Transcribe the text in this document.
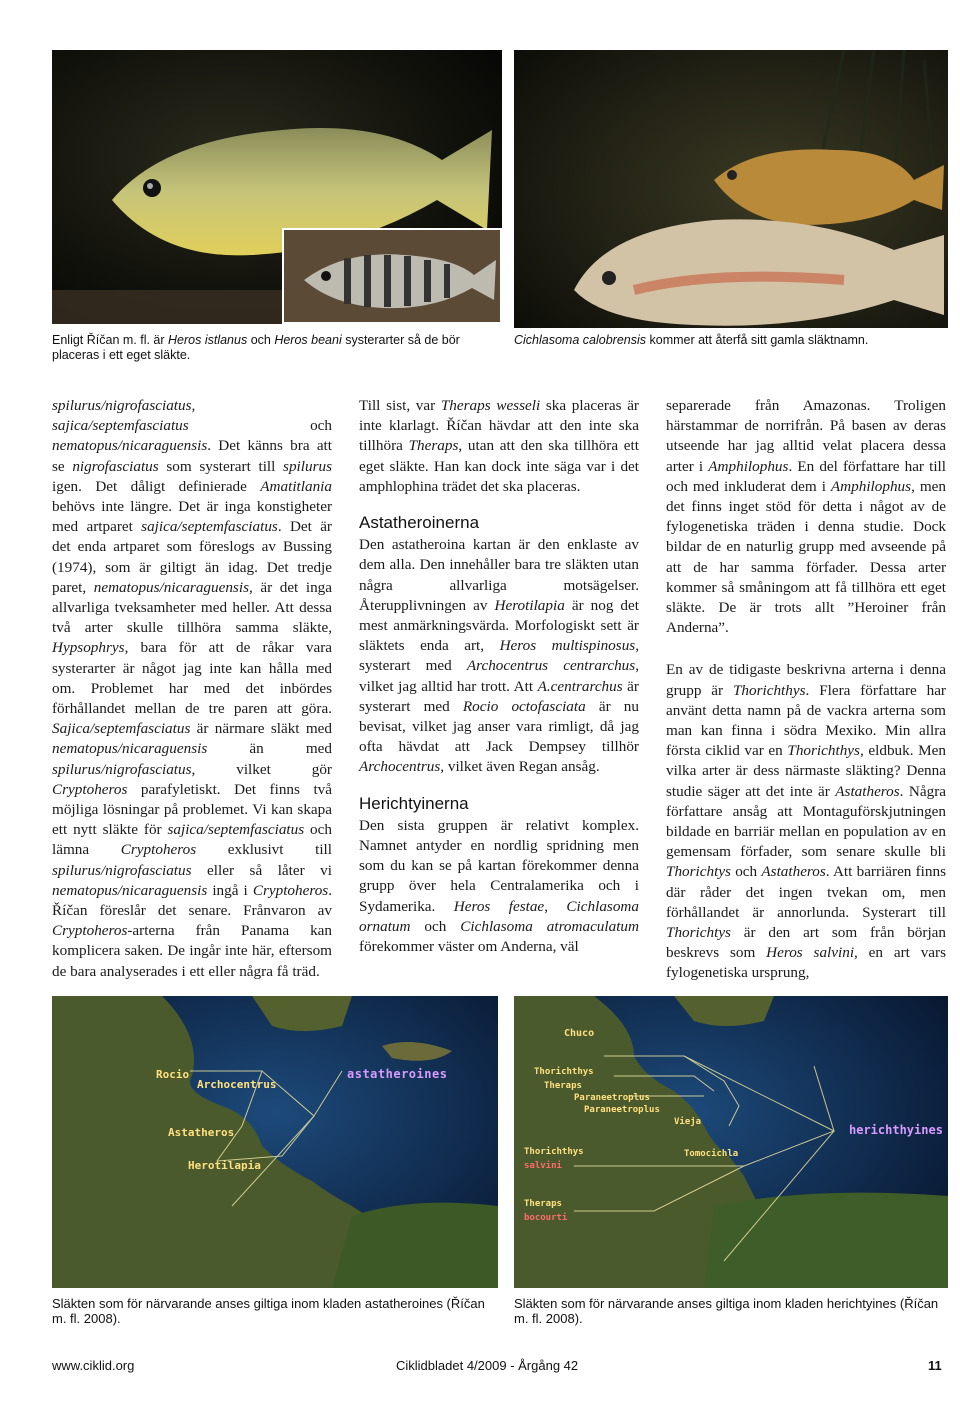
Enligt Říčan m. fl. är Heros istlanus och Heros beani systerarter så de bör placeras i ett eget släkte.
Cichlasoma calobrensis kommer att återfå sitt gamla släktnamn.

spilurus/nigrofasciatus, sajica/septemfasciatus och nematopus/nicaraguensis. Det känns bra att se nigrofasciatus som systerart till spilurus igen. Det dåligt definierade Amatitlania behövs inte längre. Det är inga konstigheter med artparet sajica/septemfasciatus. Det är det enda artparet som föreslogs av Bussing (1974), som är giltigt än idag. Det tredje paret, nematopus/nicaraguensis, är det inga allvarliga tveksamheter med heller. Att dessa två arter skulle tillhöra samma släkte, Hypsophrys, bara för att de råkar vara systerarter är något jag inte kan hålla med om. Problemet har med det inbördes förhållandet mellan de tre paren att göra. Sajica/septemfasciatus är närmare släkt med nematopus/nicaraguensis än med spilurus/nigrofasciatus, vilket gör Cryptoheros parafyletiskt. Det finns två möjliga lösningar på problemet. Vi kan skapa ett nytt släkte för sajica/septemfasciatus och lämna Cryptoheros exklusivt till spilurus/nigrofasciatus eller så låter vi nematopus/nicaraguensis ingå i Cryptoheros. Říčan föreslår det senare. Frånvaron av Cryptoheros-arterna från Panama kan komplicera saken. De ingår inte här, eftersom de bara analyserades i ett eller några få träd.

Till sist, var Theraps wesseli ska placeras är inte klarlagt. Říčan hävdar att den inte ska tillhöra Theraps, utan att den ska tillhöra ett eget släkte. Han kan dock inte säga var i det amphlophina trädet det ska placeras.

Astatheroinerna

Den astatheroina kartan är den enklaste av dem alla. Den innehåller bara tre släkten utan några allvarliga motsägelser. Återupplivningen av Herotilapia är nog det mest anmärkningsvärda. Morfologiskt sett är släktets enda art, Heros multispinosus, systerart med Archocentrus centrarchus, vilket jag alltid har trott. Att A.centrarchus är systerart med Rocio octofasciata är nu bevisat, vilket jag anser vara rimligt, då jag ofta hävdat att Jack Dempsey tillhör Archocentrus, vilket även Regan ansåg.

Herichtyinerna

Den sista gruppen är relativt komplex. Namnet antyder en nordlig spridning men som du kan se på kartan förekommer denna grupp över hela Centralamerika och i Sydamerika. Heros festae, Cichlasoma ornatum och Cichlasoma atromaculatum förekommer väster om Anderna, väl

separerade från Amazonas. Troligen härstammar de norrifrån. På basen av deras utseende har jag alltid velat placera dessa arter i Amphilophus. En del författare har till och med inkluderat dem i Amphilophus, men det finns inget stöd för detta i något av de fylogenetiska träden i denna studie. Dock bildar de en naturlig grupp med avseende på att de har samma förfader. Dessa arter kommer så småningom att få tillhöra ett eget släkte. De är trots allt ”Heroiner från Anderna”.

En av de tidigaste beskrivna arterna i denna grupp är Thorichthys. Flera författare har använt detta namn på de vackra arterna som man kan finna i södra Mexiko. Min allra första ciklid var en Thorichthys, eldbuk. Men vilka arter är dess närmaste släkting? Denna studie säger att det inte är Astatheros. Några författare ansåg att Montaguförskjutningen bildade en barriär mellan en population av en gemensam förfader, som senare skulle bli Thorichtys och Astatheros. Att barriären finns där råder det ingen tvekan om, men förhållandet är annorlunda. Systerart till Thorichtys är den art som från början beskrevs som Heros salvini, en art vars fylogenetiska ursprung,

astatheroines
Rocio
Archocentrus
Astatheros
Herotilapia
Chuco
Thorichthys
Theraps
Paraneetroplus
Paraneetroplus
Vieja
Tomocichla
herichthyines
Thorichthys
salvini
Theraps
bocourti
Släkten som för närvarande anses giltiga inom kladen astatheroines (Říčan m. fl. 2008).
Släkten som för närvarande anses giltiga inom kladen herichtyines (Říčan m. fl. 2008).
www.ciklid.org	Ciklidbladet 4/2009 - Årgång 42	11
